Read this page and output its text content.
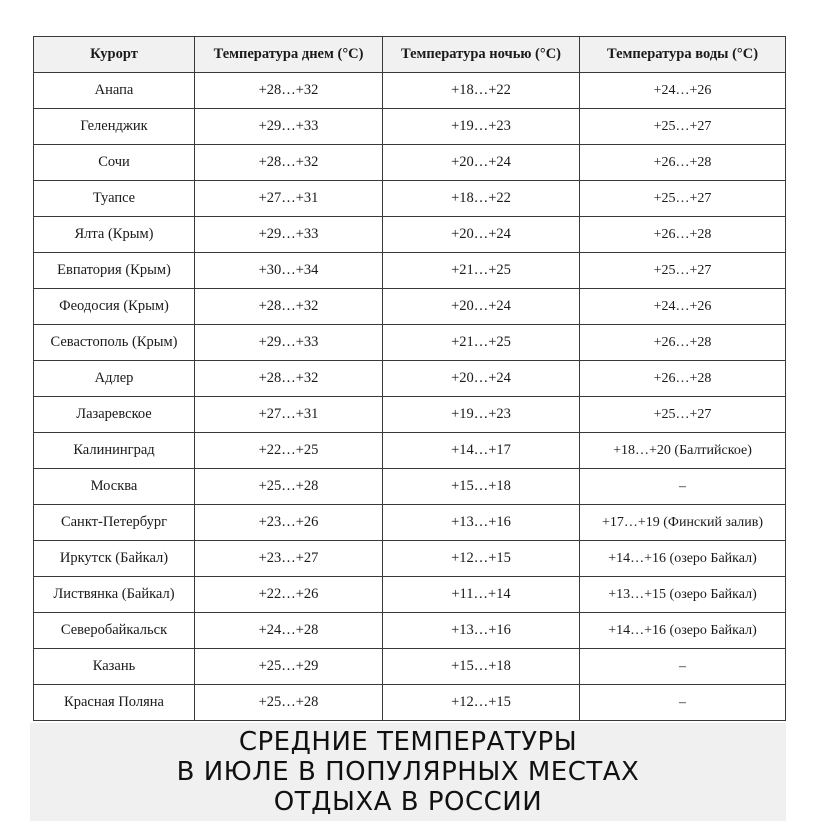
Курорт	Температура днем (°C)	Температура ночью (°C)	Температура воды (°C)
Анапа	+28…+32	+18…+22	+24…+26
Геленджик	+29…+33	+19…+23	+25…+27
Сочи	+28…+32	+20…+24	+26…+28
Туапсе	+27…+31	+18…+22	+25…+27
Ялта (Крым)	+29…+33	+20…+24	+26…+28
Евпатория (Крым)	+30…+34	+21…+25	+25…+27
Феодосия (Крым)	+28…+32	+20…+24	+24…+26
Севастополь (Крым)	+29…+33	+21…+25	+26…+28
Адлер	+28…+32	+20…+24	+26…+28
Лазаревское	+27…+31	+19…+23	+25…+27
Калининград	+22…+25	+14…+17	+18…+20 (Балтийское)
Москва	+25…+28	+15…+18	–
Санкт-Петербург	+23…+26	+13…+16	+17…+19 (Финский залив)
Иркутск (Байкал)	+23…+27	+12…+15	+14…+16 (озеро Байкал)
Листвянка (Байкал)	+22…+26	+11…+14	+13…+15 (озеро Байкал)
Северобайкальск	+24…+28	+13…+16	+14…+16 (озеро Байкал)
Казань	+25…+29	+15…+18	–
Красная Поляна	+25…+28	+12…+15	–
СРЕДНИЕ ТЕМПЕРАТУРЫ
В ИЮЛЕ В ПОПУЛЯРНЫХ МЕСТАХ
ОТДЫХА В РОССИИ
